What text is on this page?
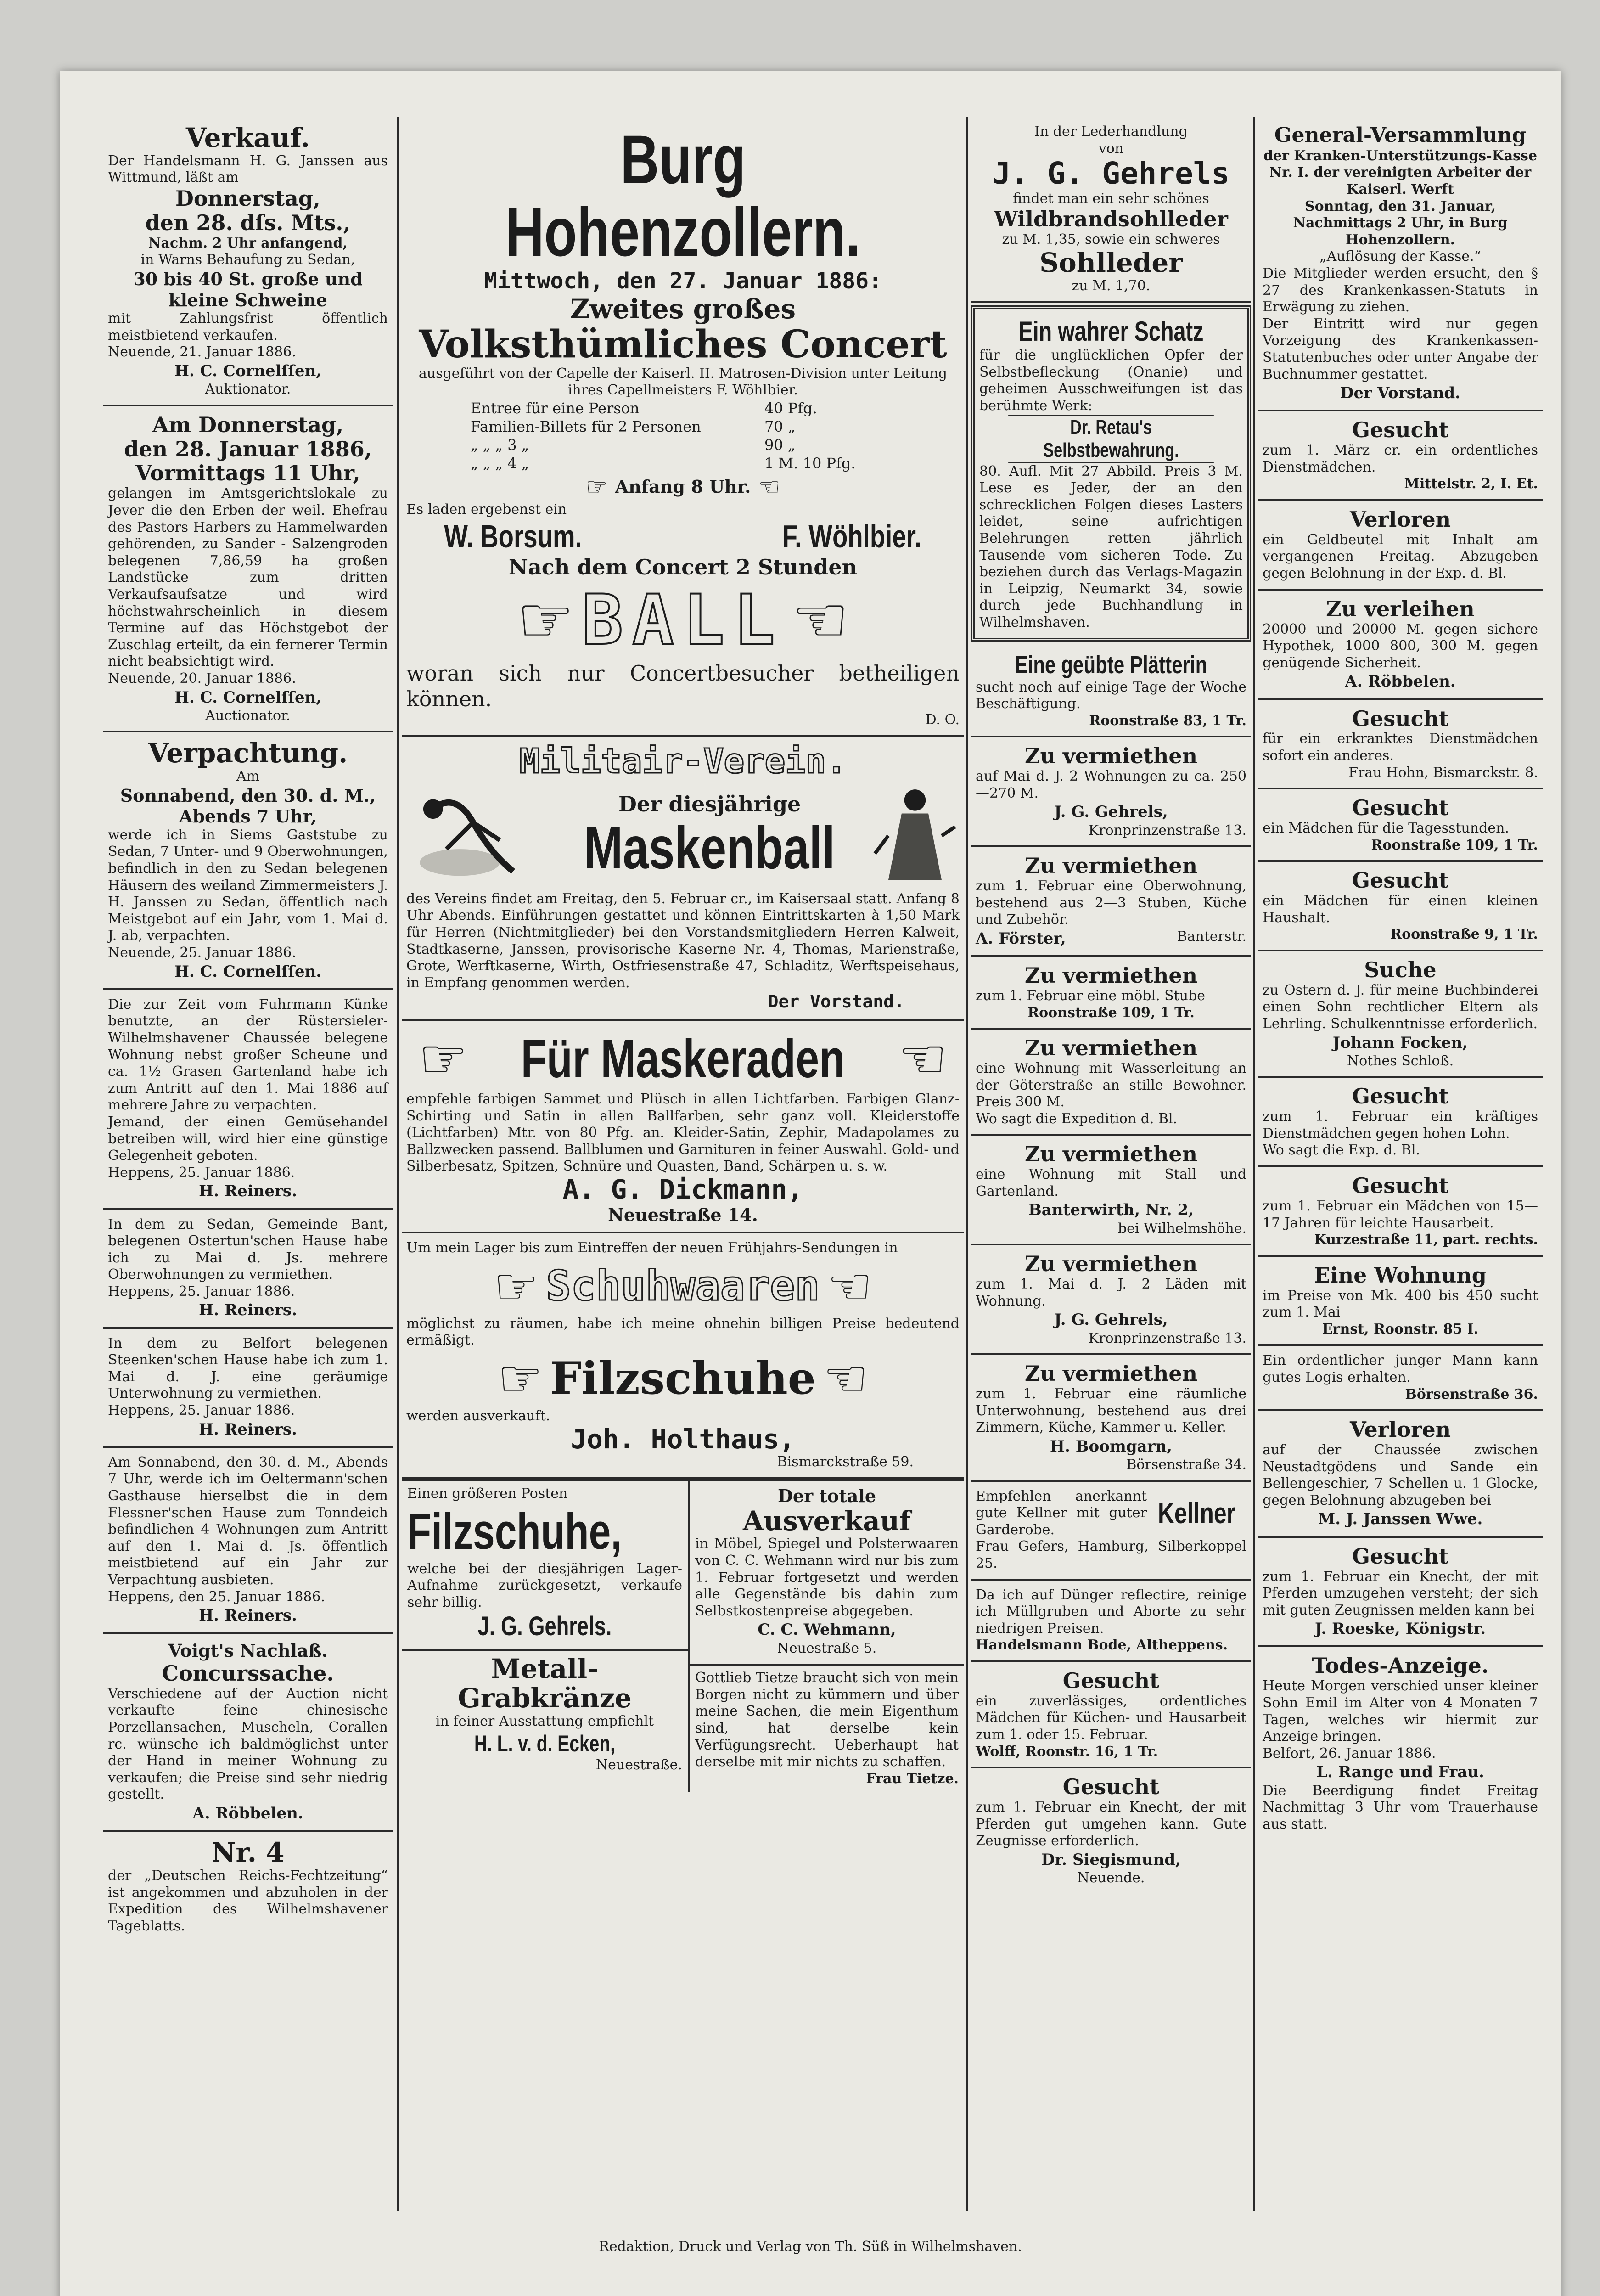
Verkauf.
Der Handelsmann H. G. Janssen aus Wittmund, läßt am
Donnerstag,
den 28. dſs. Mts.,
Nachm. 2 Uhr anfangend,
in Warns Behaufung zu Sedan,
30 bis 40 St. große und kleine Schweine
mit Zahlungsfrist öffentlich meistbietend verkaufen.
Neuende, 21. Januar 1886.
H. C. Cornelſſen,
Auktionator.
Am Donnerstag,
den 28. Januar 1886,
Vormittags 11 Uhr,
gelangen im Amtsgerichtslokale zu Jever die den Erben der weil. Ehefrau des Pastors Harbers zu Hammelwarden gehörenden, zu Sander - Salzengroden belegenen 7,86,59 ha großen Landstücke zum dritten Verkaufsaufsatze und wird höchstwahrscheinlich in diesem Termine auf das Höchstgebot der Zuschlag erteilt, da ein fernerer Termin nicht beabsichtigt wird.
Neuende, 20. Januar 1886.
H. C. Cornelſſen,
Auctionator.
Verpachtung.
Am
Sonnabend, den 30. d. M.,
Abends 7 Uhr,
werde ich in Siems Gaststube zu Sedan, 7 Unter- und 9 Oberwohnungen, befindlich in den zu Sedan belegenen Häusern des weiland Zimmermeisters J. H. Janssen zu Sedan, öffentlich nach Meistgebot auf ein Jahr, vom 1. Mai d. J. ab, verpachten.
Neuende, 25. Januar 1886.
H. C. Cornelſſen.
Die zur Zeit vom Fuhrmann Künke benutzte, an der Rüstersieler-Wilhelmshavener Chaussée belegene Wohnung nebst großer Scheune und ca. 1½ Grasen Gartenland habe ich zum Antritt auf den 1. Mai 1886 auf mehrere Jahre zu verpachten.
Jemand, der einen Gemüsehandel betreiben will, wird hier eine günstige Gelegenheit geboten.
Heppens, 25. Januar 1886.
H. Reiners.
In dem zu Sedan, Gemeinde Bant, belegenen Ostertun'schen Hause habe ich zu Mai d. Js. mehrere Oberwohnungen zu vermiethen.
Heppens, 25. Januar 1886.
H. Reiners.
In dem zu Belfort belegenen Steenken'schen Hause habe ich zum 1. Mai d. J. eine geräumige Unterwohnung zu vermiethen.
Heppens, 25. Januar 1886.
H. Reiners.
Am Sonnabend, den 30. d. M., Abends 7 Uhr, werde ich im Oeltermann'schen Gasthause hierselbst die in dem Flessner'schen Hause zum Tonndeich befindlichen 4 Wohnungen zum Antritt auf den 1. Mai d. Js. öffentlich meistbietend auf ein Jahr zur Verpachtung ausbieten.
Heppens, den 25. Januar 1886.
H. Reiners.
Voigt's Nachlaß.
Concurssache.
Verschiedene auf der Auction nicht verkaufte feine chinesische Porzellansachen, Muscheln, Corallen rc. wünsche ich baldmöglichst unter der Hand in meiner Wohnung zu verkaufen; die Preise sind sehr niedrig gestellt.
A. Röbbelen.
Nr. 4
der „Deutschen Reichs-Fechtzeitung“ ist angekommen und abzuholen in der Expedition des Wilhelmshavener Tageblatts.
Burg Hohenzollern.
Mittwoch, den 27. Januar 1886:
Zweites großes
Volksthümliches Concert
ausgeführt von der Capelle der Kaiserl. II. Matrosen-Division unter Leitung ihres Capellmeisters F. Wöhlbier.
Entree für eine Person	40 Pfg.
Familien-Billets für 2 Personen	70 „
„ „ „ 3 „	90 „
„ „ „ 4 „	1 M. 10 Pfg.
☞ Anfang 8 Uhr. ☜
Es laden ergebenst ein
W. Borsum.	F. Wöhlbier.
Nach dem Concert 2 Stunden
☞ BALL ☜
woran sich nur Concertbesucher betheiligen können.
D. O.
Militair-Verein.
Der diesjährige
Maskenball
des Vereins findet am Freitag, den 5. Februar cr., im Kaisersaal statt. Anfang 8 Uhr Abends. Einführungen gestattet und können Eintrittskarten à 1,50 Mark für Herren (Nichtmitglieder) bei den Vorstandsmitgliedern Herren Kalweit, Stadtkaserne, Janssen, provisorische Kaserne Nr. 4, Thomas, Marienstraße, Grote, Werftkaserne, Wirth, Ostfriesenstraße 47, Schladitz, Werftspeisehaus, in Empfang genommen werden.
Der Vorstand.
☞ Für Maskeraden ☜
empfehle farbigen Sammet und Plüsch in allen Lichtfarben. Farbigen Glanz-Schirting und Satin in allen Ballfarben, sehr ganz voll. Kleiderstoffe (Lichtfarben) Mtr. von 80 Pfg. an. Kleider-Satin, Zephir, Madapolames zu Ballzwecken passend. Ballblumen und Garnituren in feiner Auswahl. Gold- und Silberbesatz, Spitzen, Schnüre und Quasten, Band, Schärpen u. s. w.
A. G. Dickmann,
Neuestraße 14.
Um mein Lager bis zum Eintreffen der neuen Frühjahrs-Sendungen in
☞ Schuhwaaren ☜
möglichst zu räumen, habe ich meine ohnehin billigen Preise bedeutend ermäßigt.
☞ Filzschuhe ☜
werden ausverkauft.
Joh. Holthaus,
Bismarckstraße 59.
Einen größeren Posten
Filzschuhe,
welche bei der diesjährigen Lager-Aufnahme zurückgesetzt, verkaufe sehr billig.
J. G. Gehrels.
Metall-
Grabkränze
in feiner Ausstattung empfiehlt
H. L. v. d. Ecken,
Neuestraße.
Der totale
Ausverkauf
in Möbel, Spiegel und Polsterwaaren von C. C. Wehmann wird nur bis zum 1. Februar fortgesetzt und werden alle Gegenstände bis dahin zum Selbstkostenpreise abgegeben.
C. C. Wehmann,
Neuestraße 5.
Gottlieb Tietze braucht sich von mein Borgen nicht zu kümmern und über meine Sachen, die mein Eigenthum sind, hat derselbe kein Verfügungsrecht. Ueberhaupt hat derselbe mit mir nichts zu schaffen.
Frau Tietze.
In der Lederhandlung
von
J. G. Gehrels
findet man ein sehr schönes
Wildbrandsohlleder
zu M. 1,35, sowie ein schweres
Sohlleder
zu M. 1,70.
Ein wahrer Schatz
für die unglücklichen Opfer der Selbstbefleckung (Onanie) und geheimen Ausschweifungen ist das berühmte Werk:
Dr. Retau's Selbstbewahrung.
80. Aufl. Mit 27 Abbild. Preis 3 M. Lese es Jeder, der an den schrecklichen Folgen dieses Lasters leidet, seine aufrichtigen Belehrungen retten jährlich Tausende vom sicheren Tode. Zu beziehen durch das Verlags-Magazin in Leipzig, Neumarkt 34, sowie durch jede Buchhandlung in Wilhelmshaven.
Eine geübte Plätterin
sucht noch auf einige Tage der Woche Beschäftigung.
Roonstraße 83, 1 Tr.
Zu vermiethen
auf Mai d. J. 2 Wohnungen zu ca. 250—270 M.
J. G. Gehrels,
Kronprinzenstraße 13.
Zu vermiethen
zum 1. Februar eine Oberwohnung, bestehend aus 2—3 Stuben, Küche und Zubehör.
A. Förster,	Banterstr.
Zu vermiethen
zum 1. Februar eine möbl. Stube
Roonstraße 109, 1 Tr.
Zu vermiethen
eine Wohnung mit Wasserleitung an der Göterstraße an stille Bewohner. Preis 300 M.
Wo sagt die Expedition d. Bl.
Zu vermiethen
eine Wohnung mit Stall und Gartenland.
Banterwirth, Nr. 2,
bei Wilhelmshöhe.
Zu vermiethen
zum 1. Mai d. J. 2 Läden mit Wohnung.
J. G. Gehrels,
Kronprinzenstraße 13.
Zu vermiethen
zum 1. Februar eine räumliche Unterwohnung, bestehend aus drei Zimmern, Küche, Kammer u. Keller.
H. Boomgarn,
Börsenstraße 34.
Empfehlen anerkannt gute Kellner mit guter Garderobe.	Kellner
Frau Gefers, Hamburg, Silberkoppel 25.
Da ich auf Dünger reflectire, reinige ich Müllgruben und Aborte zu sehr niedrigen Preisen.
Handelsmann Bode, Altheppens.
Gesucht
ein zuverlässiges, ordentliches Mädchen für Küchen- und Hausarbeit zum 1. oder 15. Februar.
Wolff, Roonstr. 16, 1 Tr.
Gesucht
zum 1. Februar ein Knecht, der mit Pferden gut umgehen kann. Gute Zeugnisse erforderlich.
Dr. Siegismund,
Neuende.
General-Versammlung
der Kranken-Unterstützungs-Kasse Nr. I. der vereinigten Arbeiter der Kaiserl. Werft
Sonntag, den 31. Januar, Nachmittags 2 Uhr, in Burg Hohenzollern.
„Auflösung der Kasse.“
Die Mitglieder werden ersucht, den § 27 des Krankenkassen-Statuts in Erwägung zu ziehen.
Der Eintritt wird nur gegen Vorzeigung des Krankenkassen-Statutenbuches oder unter Angabe der Buchnummer gestattet.
Der Vorstand.
Gesucht
zum 1. März cr. ein ordentliches Dienstmädchen.
Mittelstr. 2, I. Et.
Verloren
ein Geldbeutel mit Inhalt am vergangenen Freitag. Abzugeben gegen Belohnung in der Exp. d. Bl.
Zu verleihen
20000 und 20000 M. gegen sichere Hypothek, 1000 800, 300 M. gegen genügende Sicherheit.
A. Röbbelen.
Gesucht
für ein erkranktes Dienstmädchen sofort ein anderes.
Frau Hohn, Bismarckstr. 8.
Gesucht
ein Mädchen für die Tagesstunden.
Roonstraße 109, 1 Tr.
Gesucht
ein Mädchen für einen kleinen Haushalt.
Roonstraße 9, 1 Tr.
Suche
zu Ostern d. J. für meine Buchbinderei einen Sohn rechtlicher Eltern als Lehrling. Schulkenntnisse erforderlich.
Johann Focken,
Nothes Schloß.
Gesucht
zum 1. Februar ein kräftiges Dienstmädchen gegen hohen Lohn.
Wo sagt die Exp. d. Bl.
Gesucht
zum 1. Februar ein Mädchen von 15—17 Jahren für leichte Hausarbeit.
Kurzestraße 11, part. rechts.
Eine Wohnung
im Preise von Mk. 400 bis 450 sucht zum 1. Mai
Ernst, Roonstr. 85 I.
Ein ordentlicher junger Mann kann gutes Logis erhalten.
Börsenstraße 36.
Verloren
auf der Chaussée zwischen Neustadtgödens und Sande ein Bellengeschier, 7 Schellen u. 1 Glocke, gegen Belohnung abzugeben bei
M. J. Janssen Wwe.
Gesucht
zum 1. Februar ein Knecht, der mit Pferden umzugehen versteht; der sich mit guten Zeugnissen melden kann bei
J. Roeske, Königstr.
Todes-Anzeige.
Heute Morgen verschied unser kleiner Sohn Emil im Alter von 4 Monaten 7 Tagen, welches wir hiermit zur Anzeige bringen.
Belfort, 26. Januar 1886.
L. Range und Frau.
Die Beerdigung findet Freitag Nachmittag 3 Uhr vom Trauerhause aus statt.
Redaktion, Druck und Verlag von Th. Süß in Wilhelmshaven.
